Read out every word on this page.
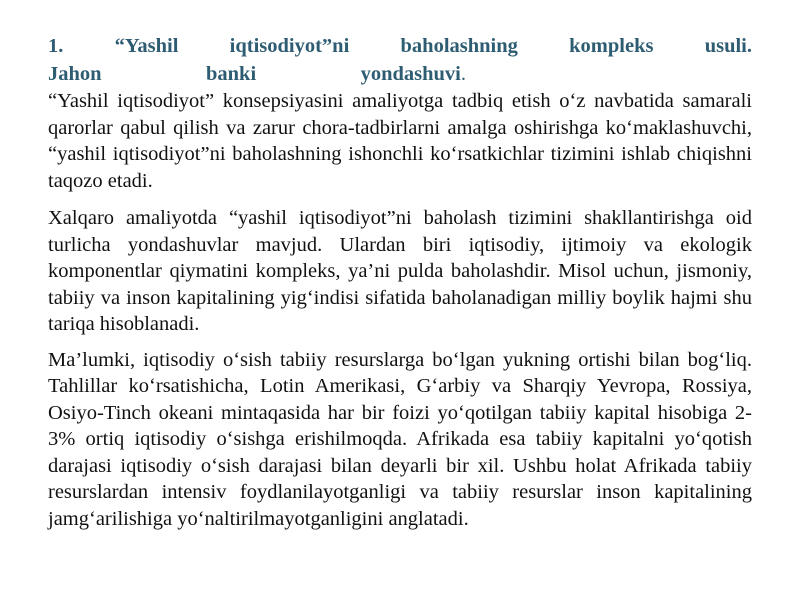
1. “Yashil iqtisodiyot”ni baholashning kompleks usuli.
Jahon banki yondashuvi.

“Yashil iqtisodiyot” konsepsiyasini amaliyotga tadbiq etish o‘z navbatida samarali qarorlar qabul qilish va zarur chora-tadbirlarni amalga oshirishga ko‘maklashuvchi, “yashil iqtisodiyot”ni baholashning ishonchli ko‘rsatkichlar tizimini ishlab chiqishni taqozo etadi.

Xalqaro amaliyotda “yashil iqtisodiyot”ni baholash tizimini shakllantirishga oid turlicha yondashuvlar mavjud. Ulardan biri iqtisodiy, ijtimoiy va ekologik komponentlar qiymatini kompleks, ya’ni pulda baholashdir. Misol uchun, jismoniy, tabiiy va inson kapitalining yig‘indisi sifatida baholanadigan milliy boylik hajmi shu tariqa hisoblanadi.

Ma’lumki, iqtisodiy o‘sish tabiiy resurslarga bo‘lgan yukning ortishi bilan bog‘liq. Tahlillar ko‘rsatishicha, Lotin Amerikasi, G‘arbiy va Sharqiy Yevropa, Rossiya, Osiyo-Tinch okeani mintaqasida har bir foizi yo‘qotilgan tabiiy kapital hisobiga 2-3% ortiq iqtisodiy o‘sishga erishilmoqda. Afrikada esa tabiiy kapitalni yo‘qotish darajasi iqtisodiy o‘sish darajasi bilan deyarli bir xil. Ushbu holat Afrikada tabiiy resurslardan intensiv foydlanilayotganligi va tabiiy resurslar inson kapitalining jamg‘arilishiga yo‘naltirilmayotganligini anglatadi.
